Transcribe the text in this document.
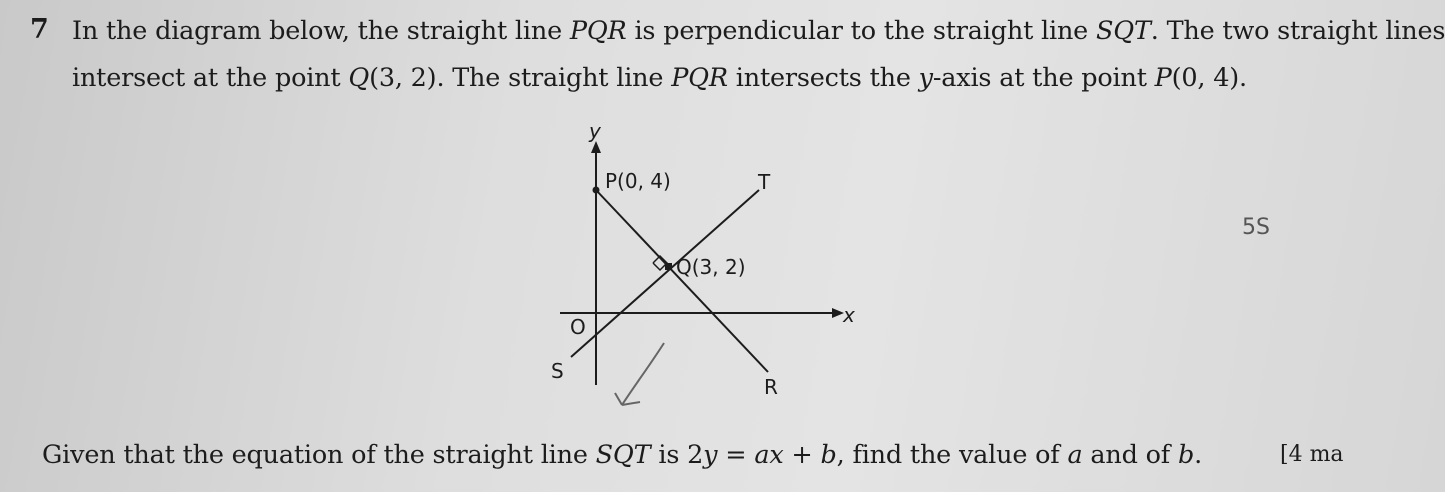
7 In the diagram below, the straight line PQR is perpendicular to the straight line SQT. The two straight lines
intersect at the point Q(3, 2). The straight line PQR intersects the y-axis at the point P(0, 4).
y
x
O
P(0, 4)
Q(3, 2)
T
S
R
5S
Given that the equation of the straight line SQT is 2y = ax + b, find the value of a and of b.	[4 ma
